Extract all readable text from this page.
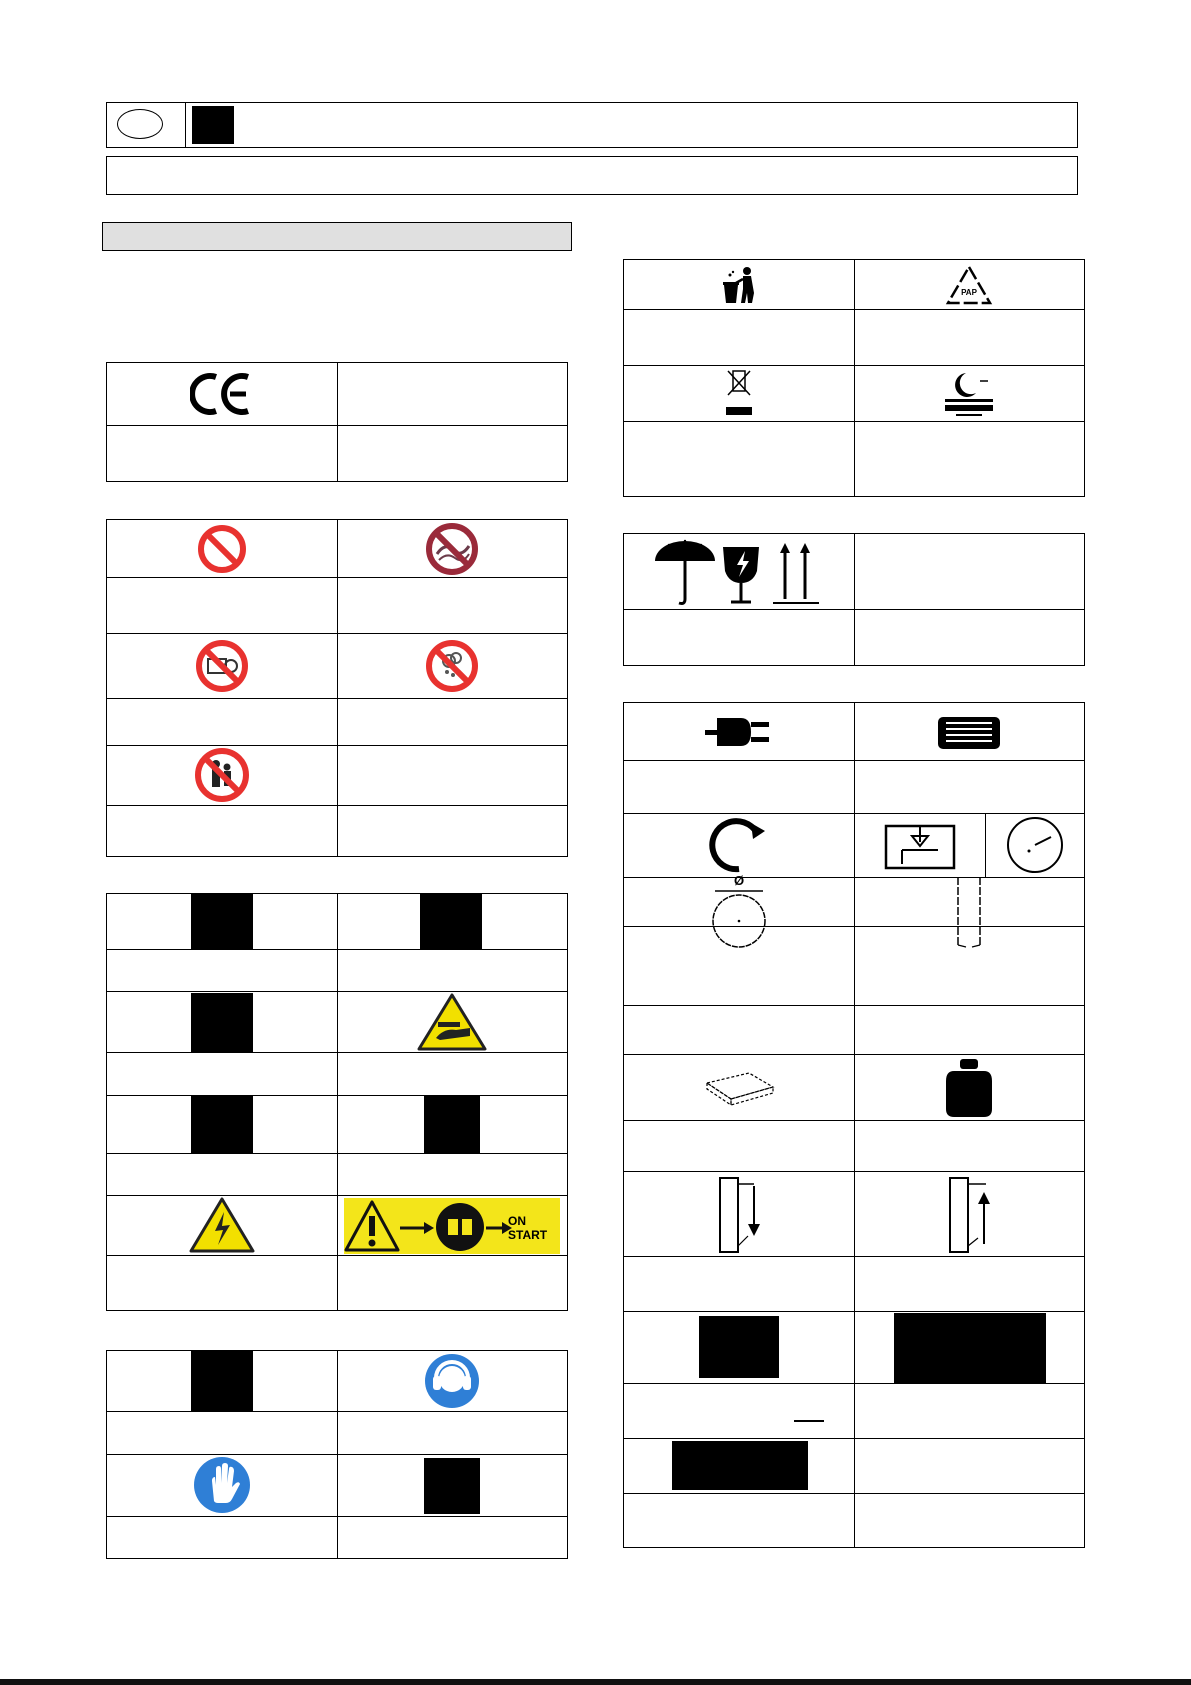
ON
START
PAP
Ø
